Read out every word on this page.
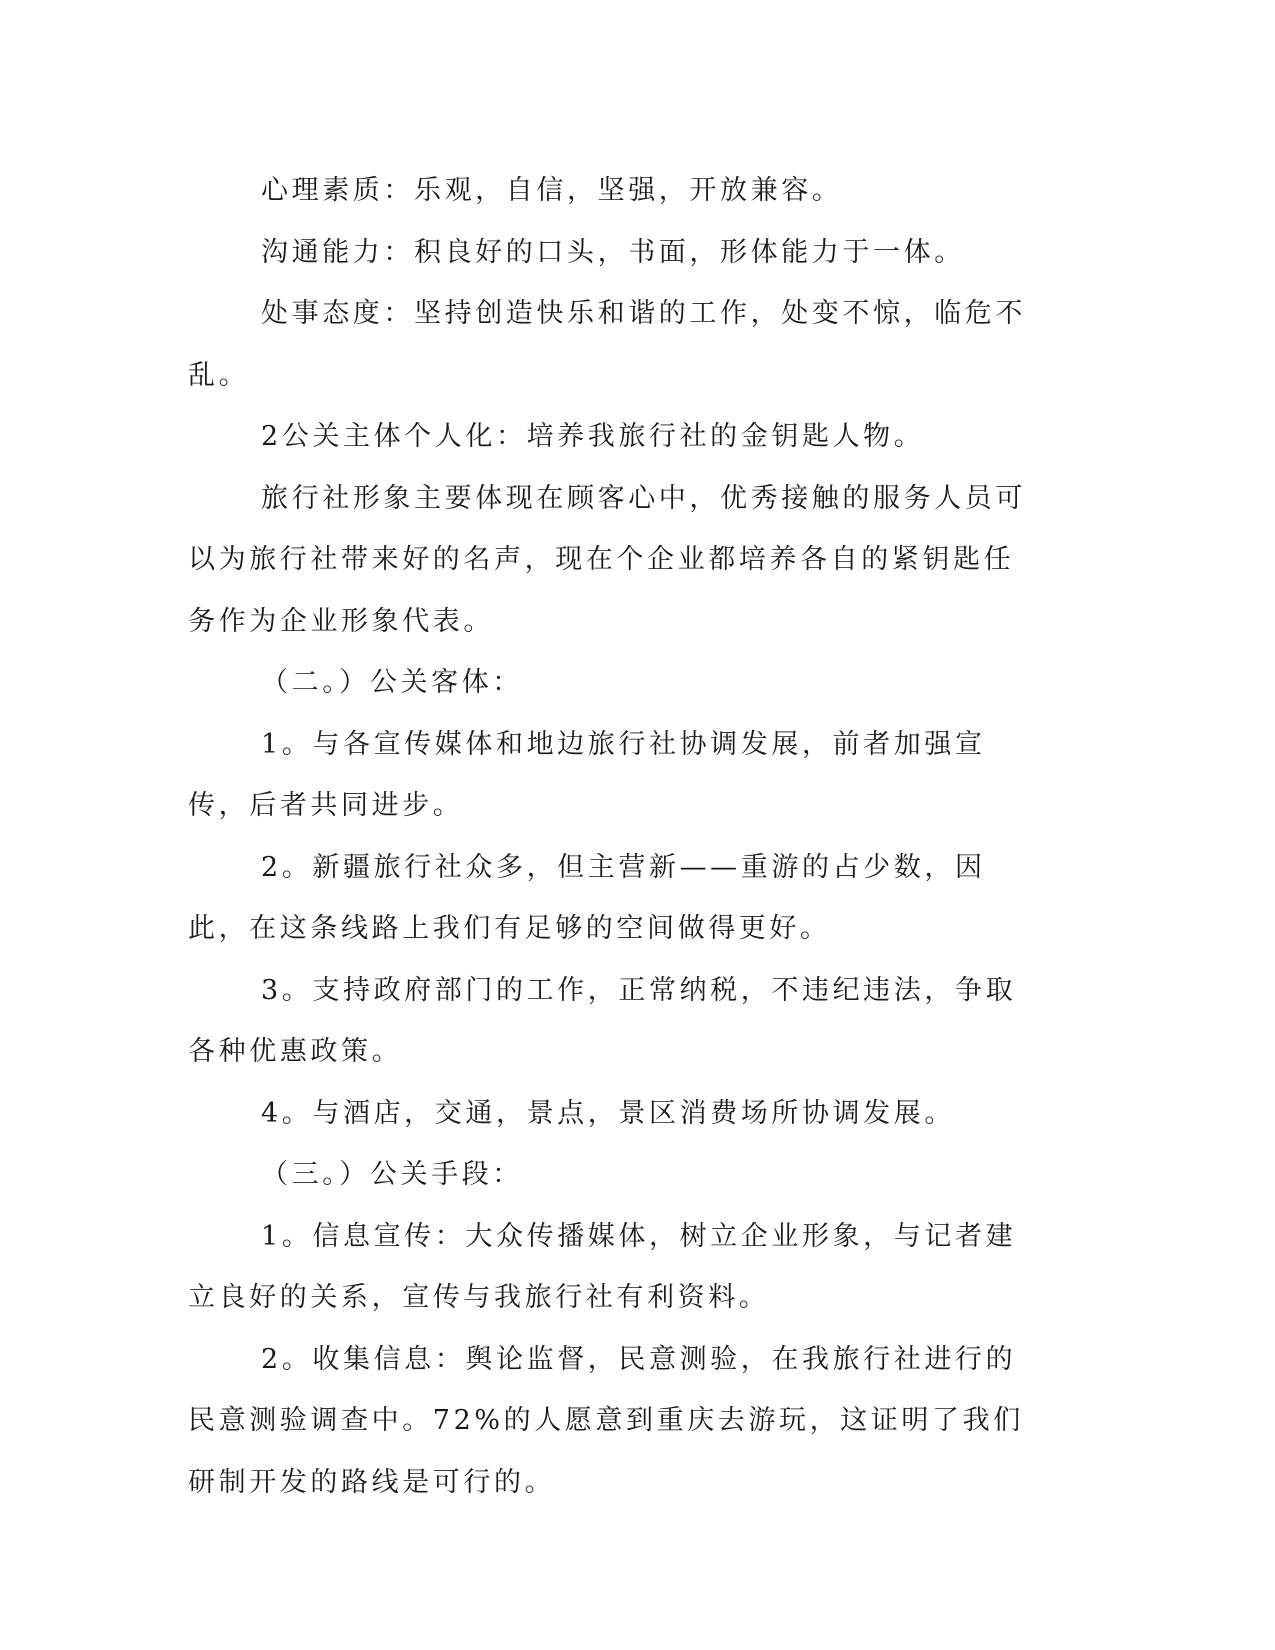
心理素质：乐观，自信，坚强，开放兼容。

沟通能力：积良好的口头，书面，形体能力于一体。

处事态度：坚持创造快乐和谐的工作，处变不惊，临危不乱。

2公关主体个人化：培养我旅行社的金钥匙人物。

旅行社形象主要体现在顾客心中，优秀接触的服务人员可以为旅行社带来好的名声，现在个企业都培养各自的紧钥匙任务作为企业形象代表。

（二。）公关客体：

1。与各宣传媒体和地边旅行社协调发展，前者加强宣传，后者共同进步。

2。新疆旅行社众多，但主营新——重游的占少数，因此，在这条线路上我们有足够的空间做得更好。

3。支持政府部门的工作，正常纳税，不违纪违法，争取各种优惠政策。

4。与酒店，交通，景点，景区消费场所协调发展。

（三。）公关手段：

1。信息宣传：大众传播媒体，树立企业形象，与记者建立良好的关系，宣传与我旅行社有利资料。

2。收集信息：舆论监督，民意测验，在我旅行社进行的民意测验调查中。72%的人愿意到重庆去游玩，这证明了我们研制开发的路线是可行的。
